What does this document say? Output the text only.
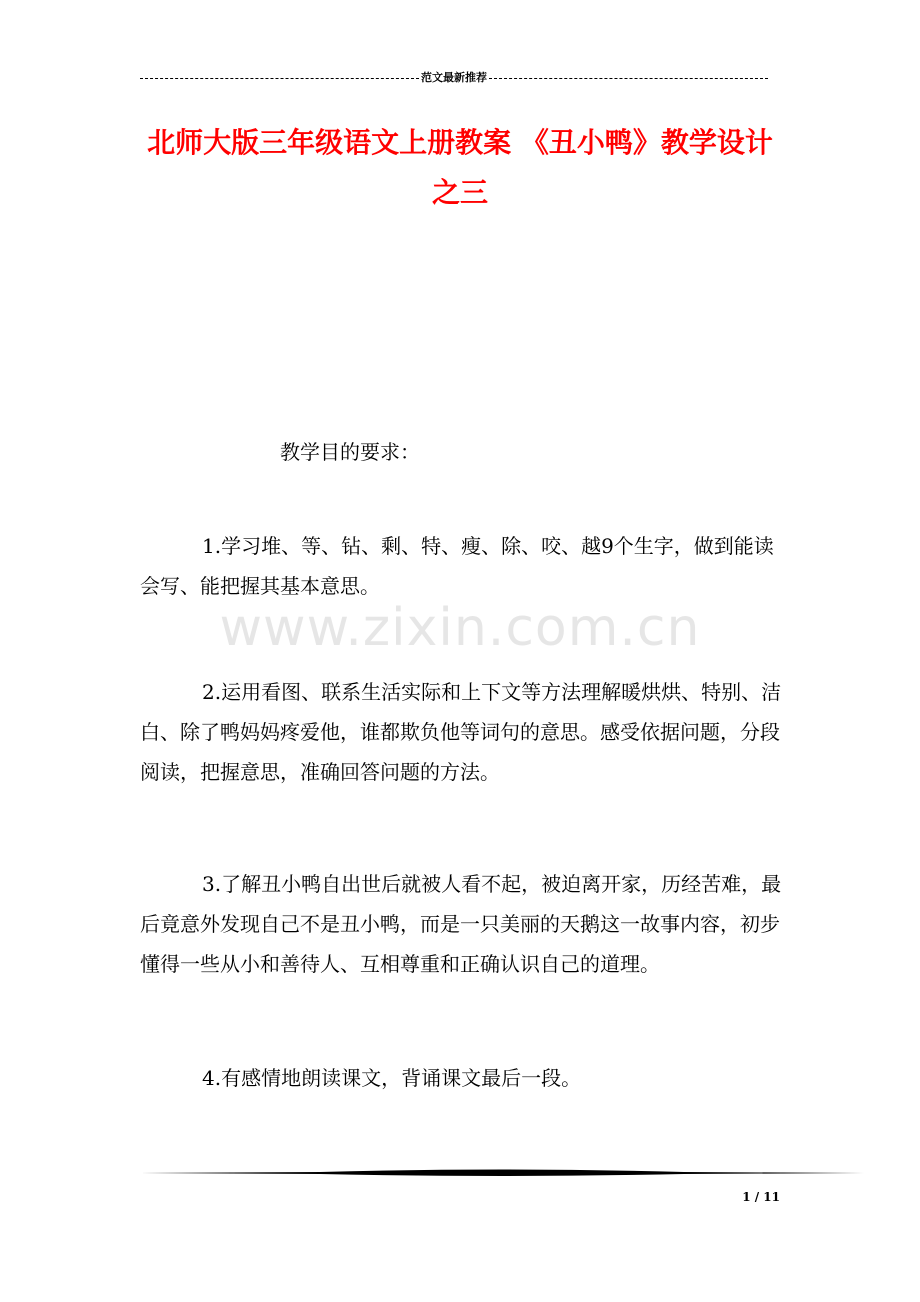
范文最新推荐
北师大版三年级语文上册教案 《丑小鸭》教学设计
之三
www.zixin.com.cn

教学目的要求：

1.学习堆、等、钻、剩、特、瘦、除、咬、越9个生字，做到能读会写、能把握其基本意思。

2.运用看图、联系生活实际和上下文等方法理解暖烘烘、特别、洁白、除了鸭妈妈疼爱他，谁都欺负他等词句的意思。感受依据问题，分段阅读，把握意思，准确回答问题的方法。

3.了解丑小鸭自出世后就被人看不起，被迫离开家，历经苦难，最后竟意外发现自己不是丑小鸭，而是一只美丽的天鹅这一故事内容，初步懂得一些从小和善待人、互相尊重和正确认识自己的道理。

4.有感情地朗读课文，背诵课文最后一段。

1 / 11
